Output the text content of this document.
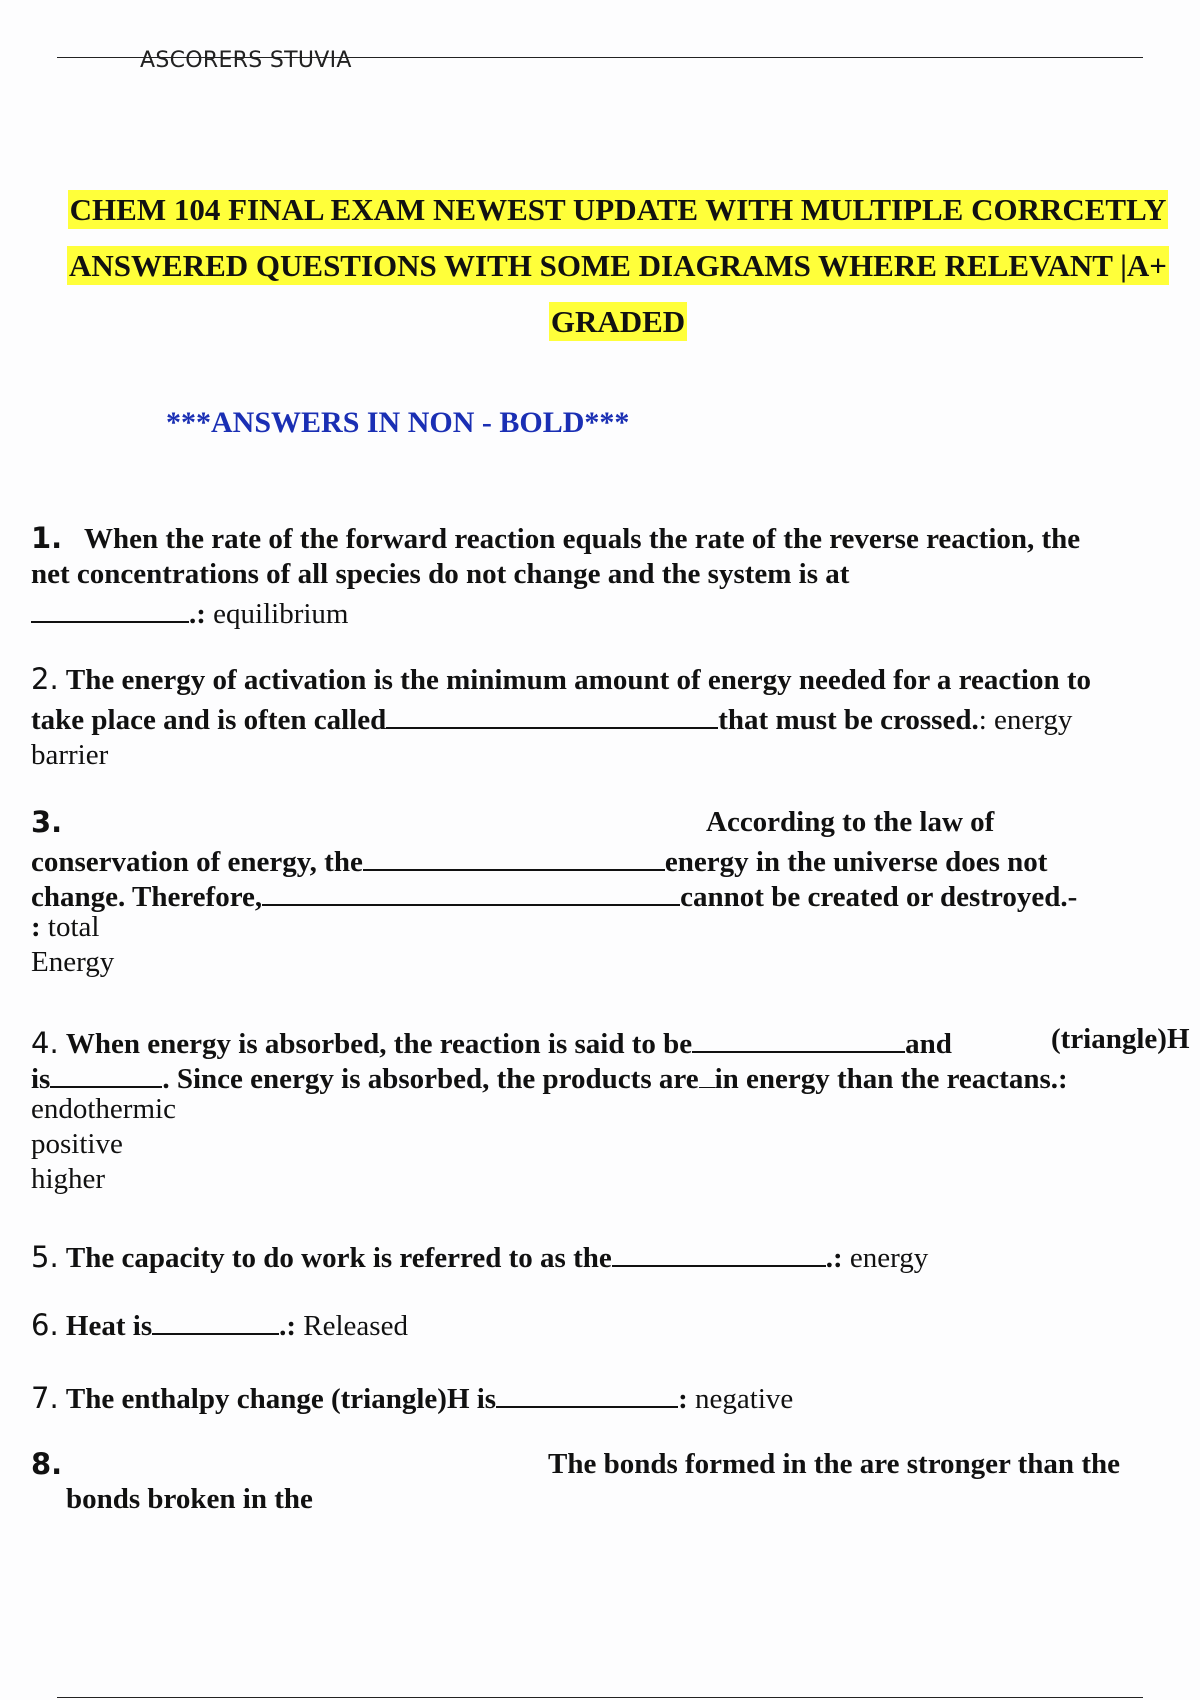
ASCORERS STUVIA
CHEM 104 FINAL EXAM NEWEST UPDATE WITH MULTIPLE CORRCETLY
ANSWERED QUESTIONS WITH SOME DIAGRAMS WHERE RELEVANT |A+
GRADED
***ANSWERS IN NON - BOLD***
1. When the rate of the forward reaction equals the rate of the reverse reaction, the
net concentrations of all species do not change and the system is at
.: equilibrium
2. The energy of activation is the minimum amount of energy needed for a reaction to
take place and is often called	that must be crossed.: energy
barrier
3.	According to the law of
conservation of energy, the	energy in the universe does not
change. Therefore,	cannot be created or destroyed.-
: total
Energy
4. When energy is absorbed, the reaction is said to be	and	(triangle)H
is	. Since energy is absorbed, the products are in energy than the reactans.:
endothermic
positive
higher
5. The capacity to do work is referred to as the	.: energy
6. Heat is	.: Released
7. The enthalpy change (triangle)H is	: negative
8.	The bonds formed in the are stronger than the
bonds broken in the
